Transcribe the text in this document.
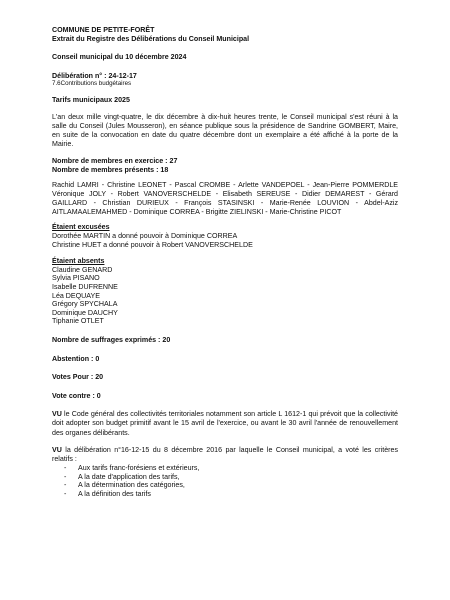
COMMUNE DE PETITE-FORÊT
Extrait du Registre des Délibérations du Conseil Municipal
Conseil municipal du 10 décembre 2024
Délibération n° : 24-12-17
7.6Contributions budgétaires
Tarifs municipaux 2025
L'an deux mille vingt-quatre, le dix décembre à dix-huit heures trente, le Conseil municipal s'est réuni à la salle du Conseil (Jules Mousseron), en séance publique sous la présidence de Sandrine GOMBERT, Maire, en suite de la convocation en date du quatre décembre dont un exemplaire a été affiché à la porte de la Mairie.
Nombre de membres en exercice : 27
Nombre de membres présents : 18
Rachid LAMRI - Christine LEONET - Pascal CROMBE - Arlette VANDEPOEL - Jean-Pierre POMMERDLE Véronique JOLY - Robert VANOVERSCHELDE - Elisabeth SEREUSE - Didier DEMAREST - Gérard GAILLARD - Christian DURIEUX - François STASINSKI - Marie-Renée LOUVION - Abdel-Aziz AITLAMAALEMAHMED - Dominique CORREA - Brigitte ZIELINSKI - Marie-Christine PICOT
Étaient excusées
Dorothée MARTIN a donné pouvoir à Dominique CORREA
Christine HUET a donné pouvoir à Robert VANOVERSCHELDE
Étaient absents
Claudine GENARD
Sylvia PISANO
Isabelle DUFRENNE
Léa DEQUAYE
Grégory SPYCHALA
Dominique DAUCHY
Tiphanie OTLET
Nombre de suffrages exprimés : 20
Abstention : 0
Votes Pour : 20
Vote contre : 0
VU le Code général des collectivités territoriales notamment son article L 1612-1 qui prévoit que la collectivité doit adopter son budget primitif avant le 15 avril de l'exercice, ou avant le 30 avril l'année de renouvellement des organes délibérants.
VU la délibération n°16-12-15 du 8 décembre 2016 par laquelle le Conseil municipal, a voté les critères relatifs :
- Aux tarifs franc-forésiens et extérieurs,
- A la date d'application des tarifs,
- A la détermination des catégories,
- A la définition des tarifs
